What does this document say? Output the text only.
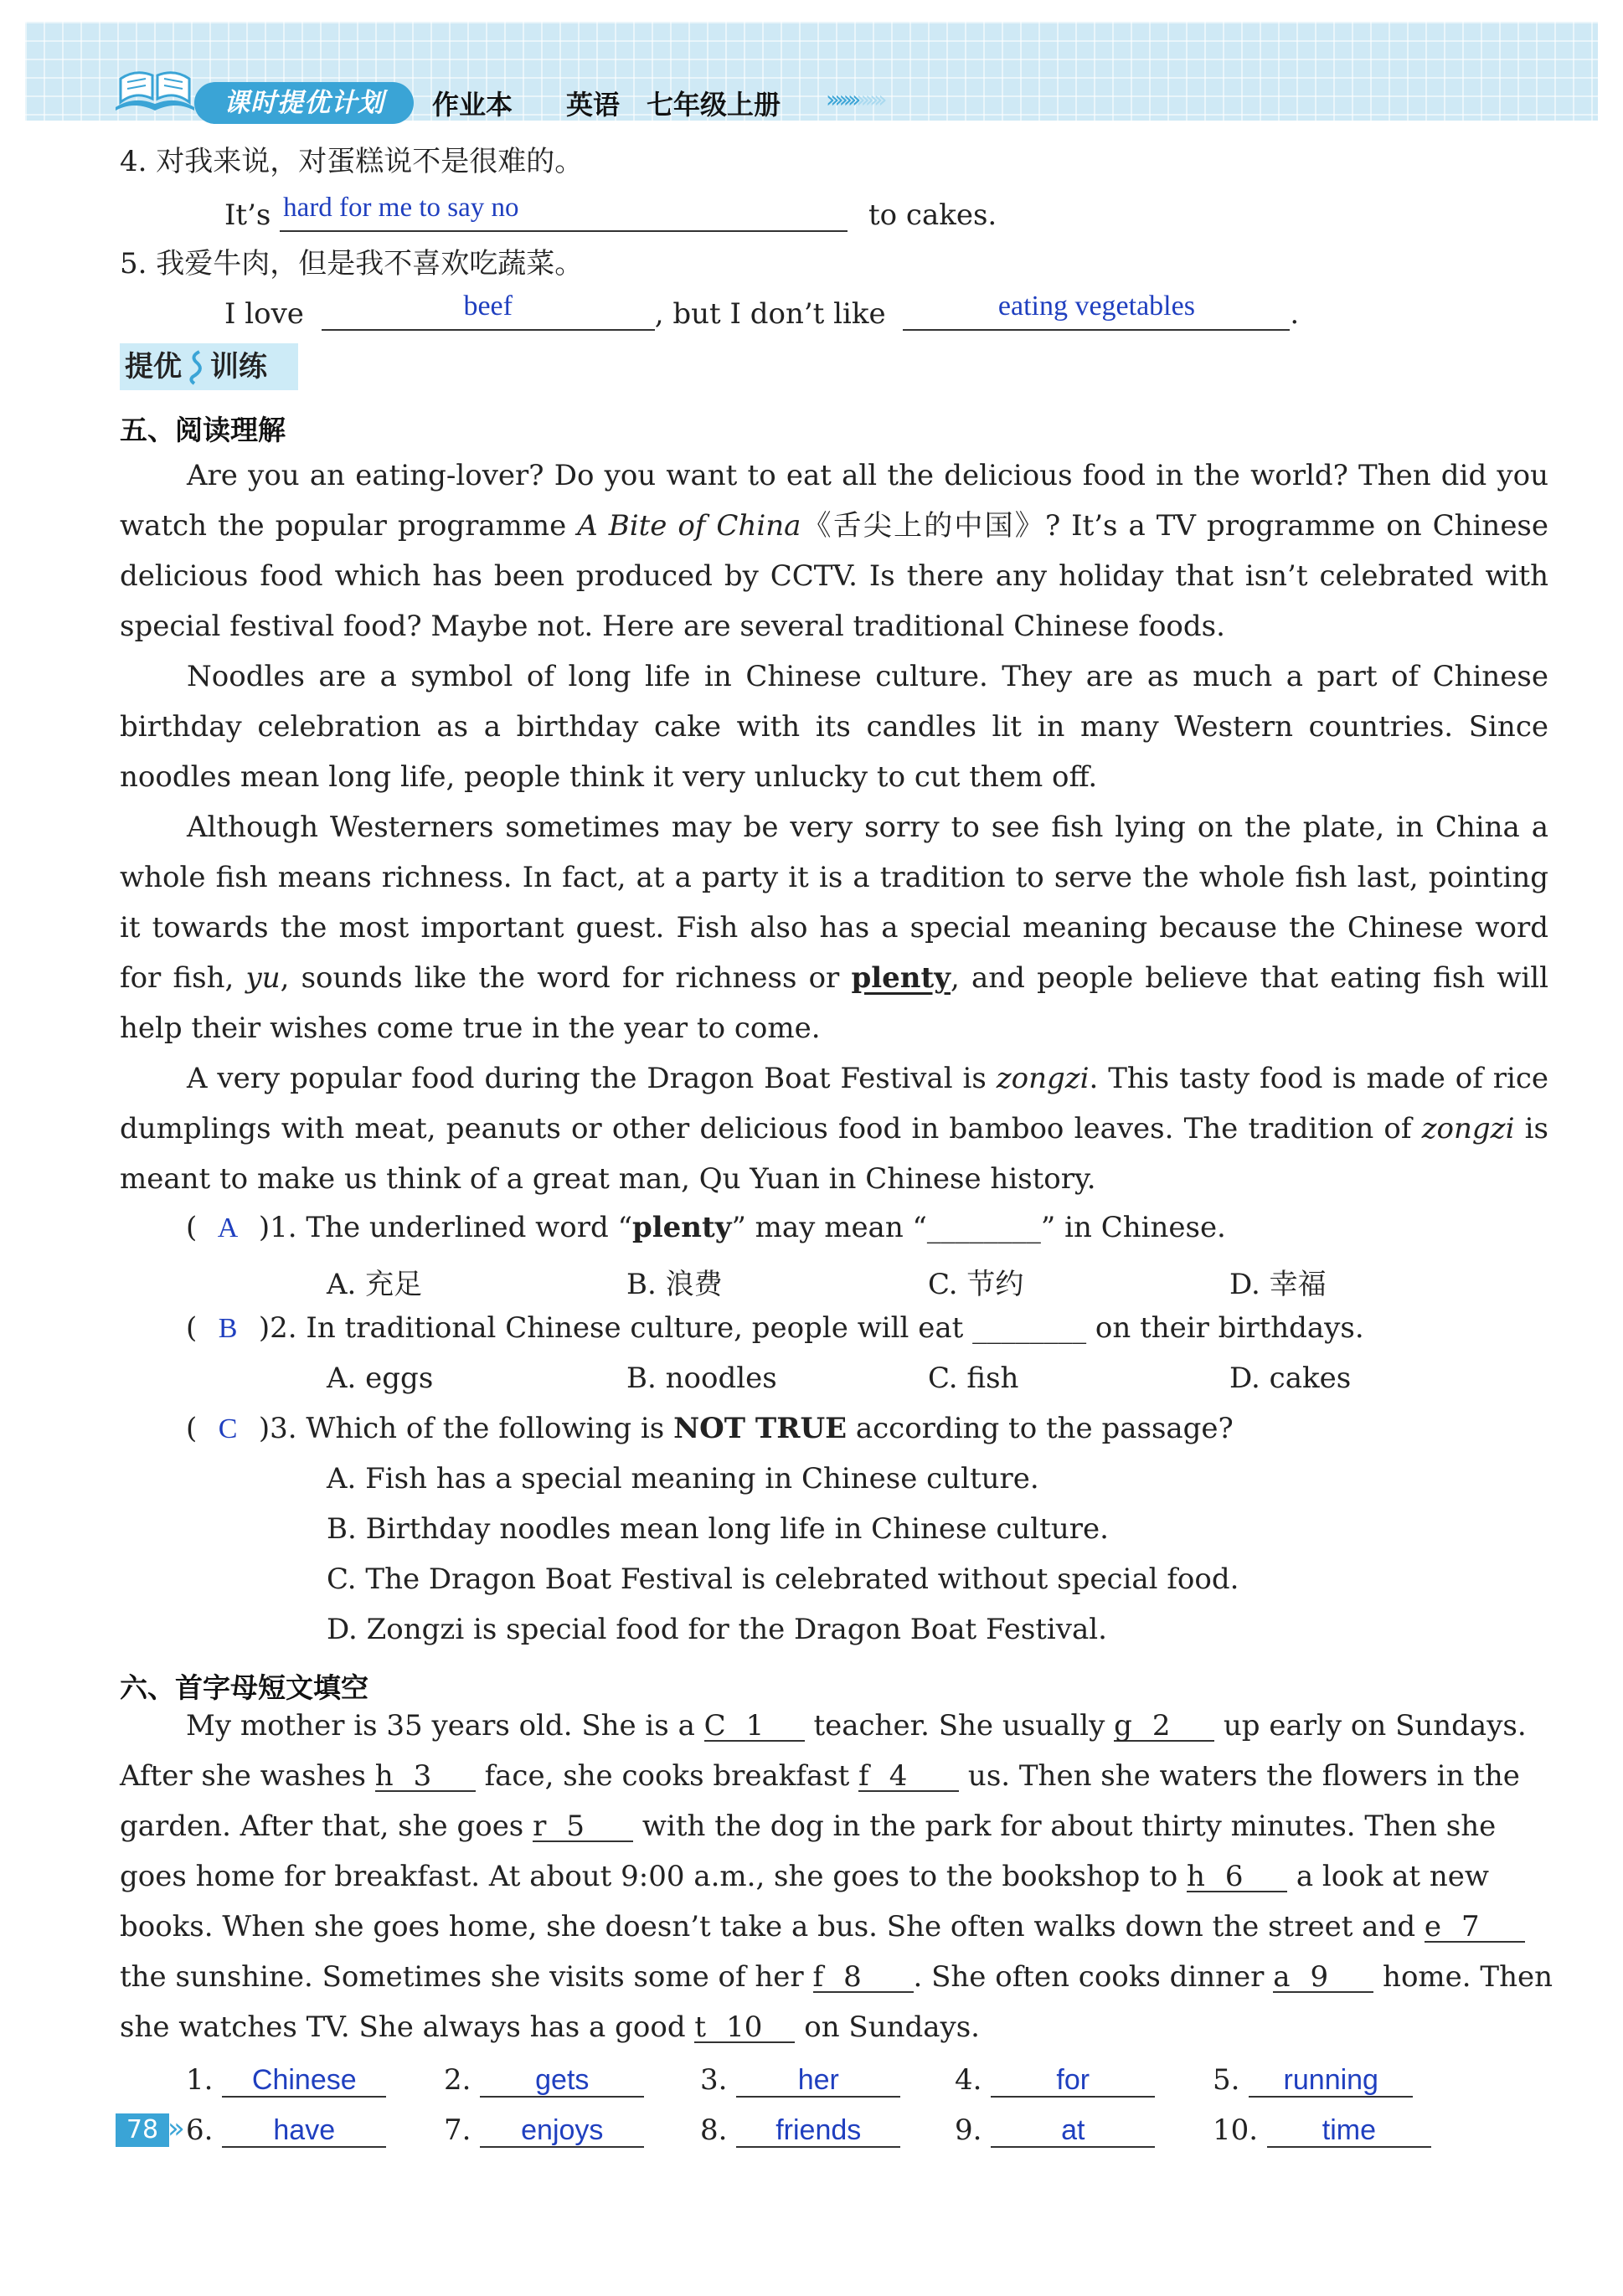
课时提优计划	作业本 英语 七年级上册 ›››››››››››››
4. 对我来说，对蛋糕说不是很难的。
It’s hard for me to say no	to cakes.
5. 我爱牛肉，但是我不喜欢吃蔬菜。
I love	beef	, but I don’t like	eating vegetables	.
提优 训练
五、阅读理解
Are you an eating-lover? Do you want to eat all the delicious food in the world? Then did you watch the popular programme A Bite of China《舌尖上的中国》? It’s a TV programme on Chinese delicious food which has been produced by CCTV. Is there any holiday that isn’t celebrated with special festival food? Maybe not. Here are several traditional Chinese foods.
Noodles are a symbol of long life in Chinese culture. They are as much a part of Chinese birthday celebration as a birthday cake with its candles lit in many Western countries. Since noodles mean long life, people think it very unlucky to cut them off.
Although Westerners sometimes may be very sorry to see fish lying on the plate, in China a whole fish means richness. In fact, at a party it is a tradition to serve the whole fish last, pointing it towards the most important guest. Fish also has a special meaning because the Chinese word for fish, yu, sounds like the word for richness or plenty, and people believe that eating fish will help their wishes come true in the year to come.
A very popular food during the Dragon Boat Festival is zongzi. This tasty food is made of rice dumplings with meat, peanuts or other delicious food in bamboo leaves. The tradition of zongzi is meant to make us think of a great man, Qu Yuan in Chinese history.
( A )1. The underlined word “plenty” may mean “________” in Chinese.
A. 充足	B. 浪费	C. 节约	D. 幸福
( B )2. In traditional Chinese culture, people will eat ________ on their birthdays.
A. eggs	B. noodles	C. fish	D. cakes
( C )3. Which of the following is NOT TRUE according to the passage?
A. Fish has a special meaning in Chinese culture.
B. Birthday noodles mean long life in Chinese culture.
C. The Dragon Boat Festival is celebrated without special food.
D. Zongzi is special food for the Dragon Boat Festival.
六、首字母短文填空
My mother is 35 years old. She is a C 1 teacher. She usually g 2 up early on Sundays.
After she washes h 3 face, she cooks breakfast f 4 us. Then she waters the flowers in the
garden. After that, she goes r 5 with the dog in the park for about thirty minutes. Then she
goes home for breakfast. At about 9:00 a.m., she goes to the bookshop to h 6 a look at new
books. When she goes home, she doesn’t take a bus. She often walks down the street and e 7
the sunshine. Sometimes she visits some of her f 8 . She often cooks dinner a 9 home. Then
she watches TV. She always has a good t 10 on Sundays.
1. Chinese	2. gets	3. her	4.	for	5. running
6. have	7. enjoys	8. friends	9.	at	10. time
78 »
